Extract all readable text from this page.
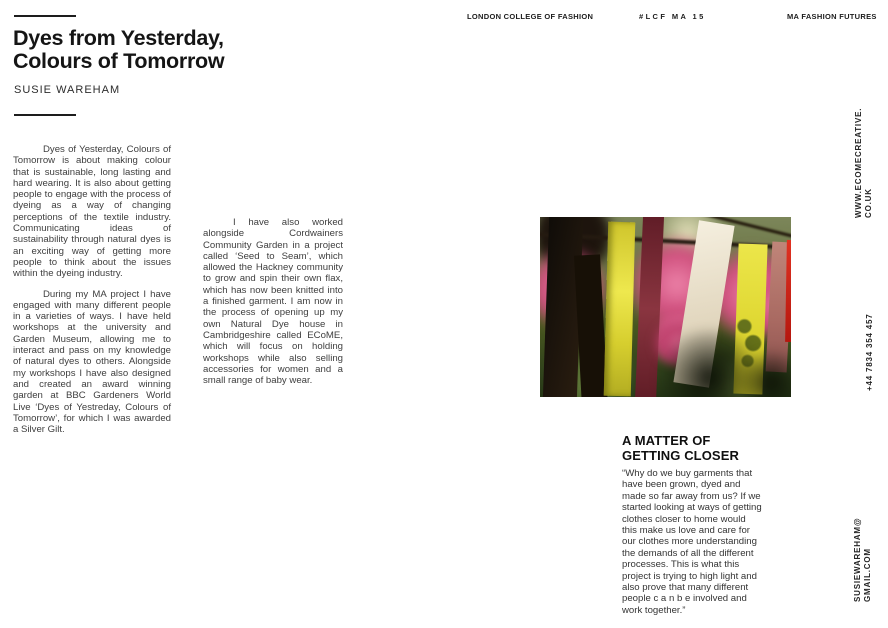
Dyes from Yesterday,
Colours of Tomorrow
SUSIE WAREHAM
LONDON COLLEGE OF FASHION	#LCF MA 15	MA FASHION FUTURES

Dyes of Yesterday, Colours of Tomorrow is about making colour that is sustainable, long lasting and hard wearing. It is also about getting people to engage with the process of dyeing as a way of changing perceptions of the textile industry. Communicating ideas of sustainability through natural dyes is an exciting way of getting more people to think about the issues within the dyeing industry.

During my MA project I have engaged with many different people in a varieties of ways. I have held workshops at the university and Garden Museum, allowing me to interact and pass on my knowledge of natural dyes to others. Alongside my workshops I have also designed and created an award winning garden at BBC Gardeners World Live ‘Dyes of Yestreday, Colours of Tomorrow’, for which I was awarded a Silver Gilt.

I have also worked alongside Cordwainers Community Garden in a project called ‘Seed to Seam’, which allowed the Hackney community to grow and spin their own flax, which has now been knitted into a finished garment. I am now in the process of opening up my own Natural Dye house in Cambridgeshire called ECoME, which will focus on holding workshops while also selling accessories for women and a small range of baby wear.

A MATTER OF
GETTING CLOSER
“Why do we buy garments that have been grown, dyed and made so far away from us? If we started looking at ways of getting clothes closer to home would this make us love and care for our clothes more understanding the demands of all the different processes. This is what this project is trying to high light and also prove that many different people c a n b e involved and work together.”
WWW.ECOMECREATIVE. CO.UK
+44 7834 354 457
SUSIEWAREHAM@ GMAIL.COM
